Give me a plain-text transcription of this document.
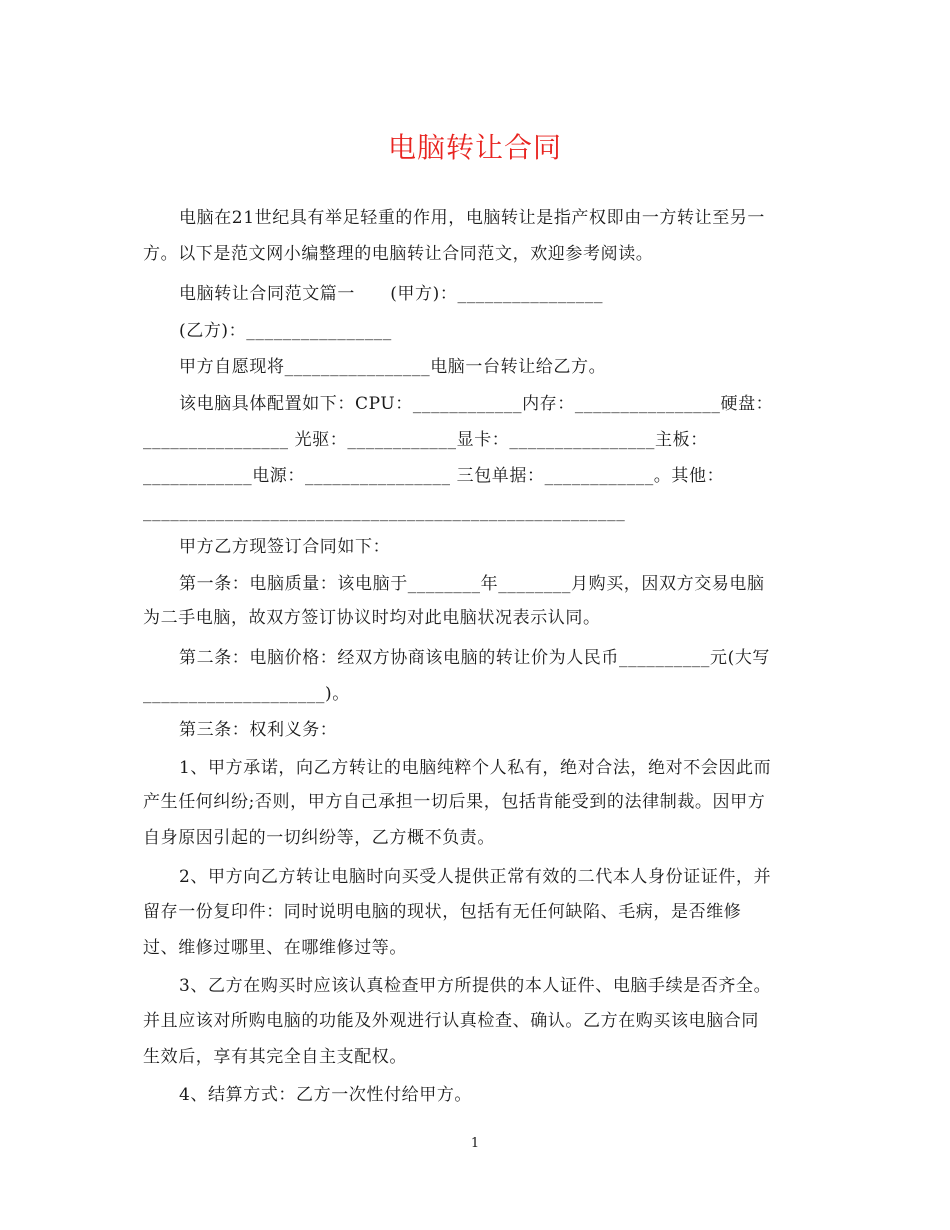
电脑转让合同
电脑在21世纪具有举足轻重的作用，电脑转让是指产权即由一方转让至另一
方。以下是范文网小编整理的电脑转让合同范文，欢迎参考阅读。
电脑转让合同范文篇一　　(甲方)：________________
(乙方)：________________
甲方自愿现将________________电脑一台转让给乙方。
该电脑具体配置如下：CPU：____________内存：________________硬盘：
________________ 光驱：____________显卡：________________主板：
____________电源：________________ 三包单据：____________。其他：
_____________________________________________________
甲方乙方现签订合同如下：
第一条：电脑质量：该电脑于________年________月购买，因双方交易电脑
为二手电脑，故双方签订协议时均对此电脑状况表示认同。
第二条：电脑价格：经双方协商该电脑的转让价为人民币__________元(大写
____________________)。
第三条：权利义务：
1、甲方承诺，向乙方转让的电脑纯粹个人私有，绝对合法，绝对不会因此而
产生任何纠纷;否则，甲方自己承担一切后果，包括肯能受到的法律制裁。因甲方
自身原因引起的一切纠纷等，乙方概不负责。
2、甲方向乙方转让电脑时向买受人提供正常有效的二代本人身份证证件，并
留存一份复印件：同时说明电脑的现状，包括有无任何缺陷、毛病，是否维修
过、维修过哪里、在哪维修过等。
3、乙方在购买时应该认真检查甲方所提供的本人证件、电脑手续是否齐全。
并且应该对所购电脑的功能及外观进行认真检查、确认。乙方在购买该电脑合同
生效后，享有其完全自主支配权。
4、结算方式：乙方一次性付给甲方。
1
